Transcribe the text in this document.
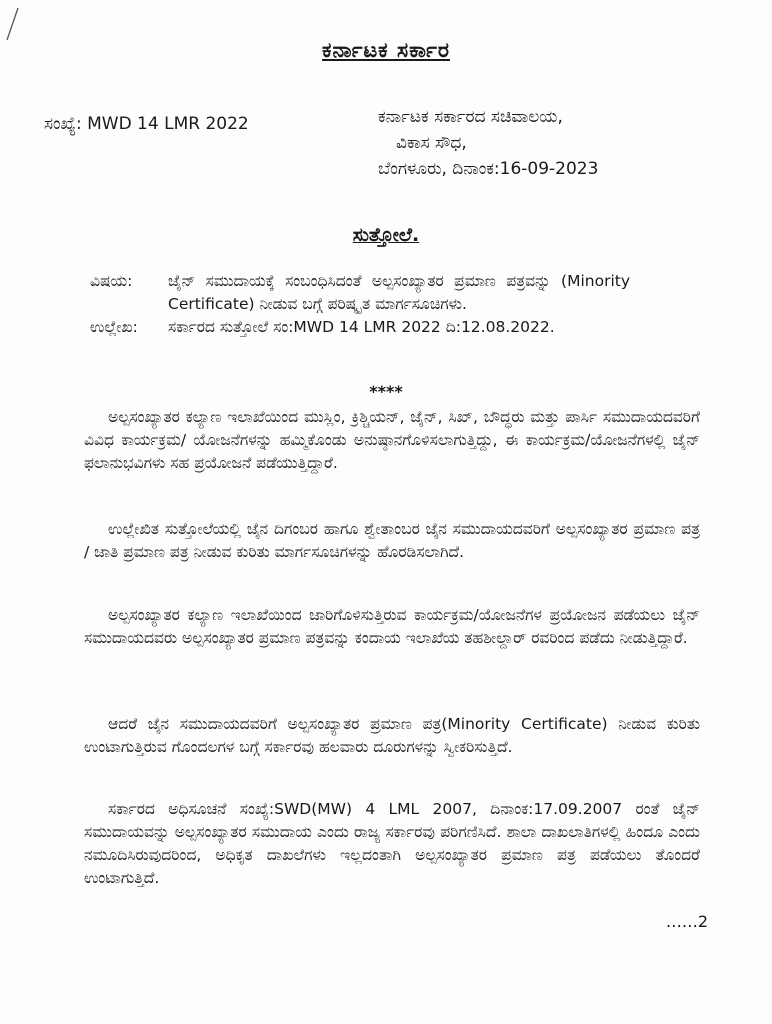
ಕರ್ನಾಟಕ ಸರ್ಕಾರ
ಸಂಖ್ಯೆ: MWD 14 LMR 2022	ಕರ್ನಾಟಕ ಸರ್ಕಾರದ ಸಚಿವಾಲಯ,
ವಿಕಾಸ ಸೌಧ,
ಬೆಂಗಳೂರು, ದಿನಾಂಕ:16-09-2023
ಸುತ್ತೋಲೆ.
ವಿಷಯ:	ಜೈನ್ ಸಮುದಾಯಕ್ಕೆ ಸಂಬಂಧಿಸಿದಂತೆ ಅಲ್ಪಸಂಖ್ಯಾತರ ಪ್ರಮಾಣ ಪತ್ರವನ್ನು (Minority Certificate) ನೀಡುವ ಬಗ್ಗೆ ಪರಿಷ್ಕೃತ ಮಾರ್ಗಸೂಚಿಗಳು.
ಉಲ್ಲೇಖ:	ಸರ್ಕಾರದ ಸುತ್ತೋಲೆ ಸಂ:MWD 14 LMR 2022 ದಿ:12.08.2022.
****
ಅಲ್ಪಸಂಖ್ಯಾತರ ಕಲ್ಯಾಣ ಇಲಾಖೆಯಿಂದ ಮುಸ್ಲಿಂ, ಕ್ರಿಶ್ಚಿಯನ್, ಜೈನ್, ಸಿಖ್, ಬೌದ್ಧರು ಮತ್ತು ಪಾರ್ಸಿ ಸಮುದಾಯದವರಿಗೆ ವಿವಿಧ ಕಾರ್ಯಕ್ರಮ/ ಯೋಜನೆಗಳನ್ನು ಹಮ್ಮಿಕೊಂಡು ಅನುಷ್ಠಾನಗೊಳಿಸಲಾಗುತ್ತಿದ್ದು, ಈ ಕಾರ್ಯಕ್ರಮ/ಯೋಜನೆಗಳಲ್ಲಿ ಜೈನ್ ಫಲಾನುಭವಿಗಳು ಸಹ ಪ್ರಯೋಜನೆ ಪಡೆಯುತ್ತಿದ್ದಾರೆ.
ಉಲ್ಲೇಖಿತ ಸುತ್ತೋಲೆಯಲ್ಲಿ ಜೈನ ದಿಗಂಬರ ಹಾಗೂ ಶ್ವೇತಾಂಬರ ಜೈನ ಸಮುದಾಯದವರಿಗೆ ಅಲ್ಪಸಂಖ್ಯಾತರ ಪ್ರಮಾಣ ಪತ್ರ / ಜಾತಿ ಪ್ರಮಾಣ ಪತ್ರ ನೀಡುವ ಕುರಿತು ಮಾರ್ಗಸೂಚಿಗಳನ್ನು ಹೊರಡಿಸಲಾಗಿದೆ.
ಅಲ್ಪಸಂಖ್ಯಾತರ ಕಲ್ಯಾಣ ಇಲಾಖೆಯಿಂದ ಜಾರಿಗೊಳಿಸುತ್ತಿರುವ ಕಾರ್ಯಕ್ರಮ/ಯೋಜನೆಗಳ ಪ್ರಯೋಜನ ಪಡೆಯಲು ಜೈನ್ ಸಮುದಾಯದವರು ಅಲ್ಪಸಂಖ್ಯಾತರ ಪ್ರಮಾಣ ಪತ್ರವನ್ನು ಕಂದಾಯ ಇಲಾಖೆಯ ತಹಶೀಲ್ದಾರ್ ರವರಿಂದ ಪಡೆದು ನೀಡುತ್ತಿದ್ದಾರೆ.
ಆದರೆ ಜೈನ ಸಮುದಾಯದವರಿಗೆ ಅಲ್ಪಸಂಖ್ಯಾತರ ಪ್ರಮಾಣ ಪತ್ರ(Minority Certificate) ನೀಡುವ ಕುರಿತು ಉಂಟಾಗುತ್ತಿರುವ ಗೊಂದಲಗಳ ಬಗ್ಗೆ ಸರ್ಕಾರವು ಹಲವಾರು ದೂರುಗಳನ್ನು ಸ್ವೀಕರಿಸುತ್ತಿದೆ.
ಸರ್ಕಾರದ ಅಧಿಸೂಚನೆ ಸಂಖ್ಯೆ:SWD(MW) 4 LML 2007, ದಿನಾಂಕ:17.09.2007 ರಂತೆ ಜೈನ್ ಸಮುದಾಯವನ್ನು ಅಲ್ಪಸಂಖ್ಯಾತರ ಸಮುದಾಯ ಎಂದು ರಾಜ್ಯ ಸರ್ಕಾರವು ಪರಿಗಣಿಸಿದೆ. ಶಾಲಾ ದಾಖಲಾತಿಗಳಲ್ಲಿ ಹಿಂದೂ ಎಂದು ನಮೂದಿಸಿರುವುದರಿಂದ, ಅಧಿಕೃತ ದಾಖಲೆಗಳು ಇಲ್ಲದಂತಾಗಿ ಅಲ್ಪಸಂಖ್ಯಾತರ ಪ್ರಮಾಣ ಪತ್ರ ಪಡೆಯಲು ತೊಂದರೆ ಉಂಟಾಗುತ್ತಿದೆ.
……2
